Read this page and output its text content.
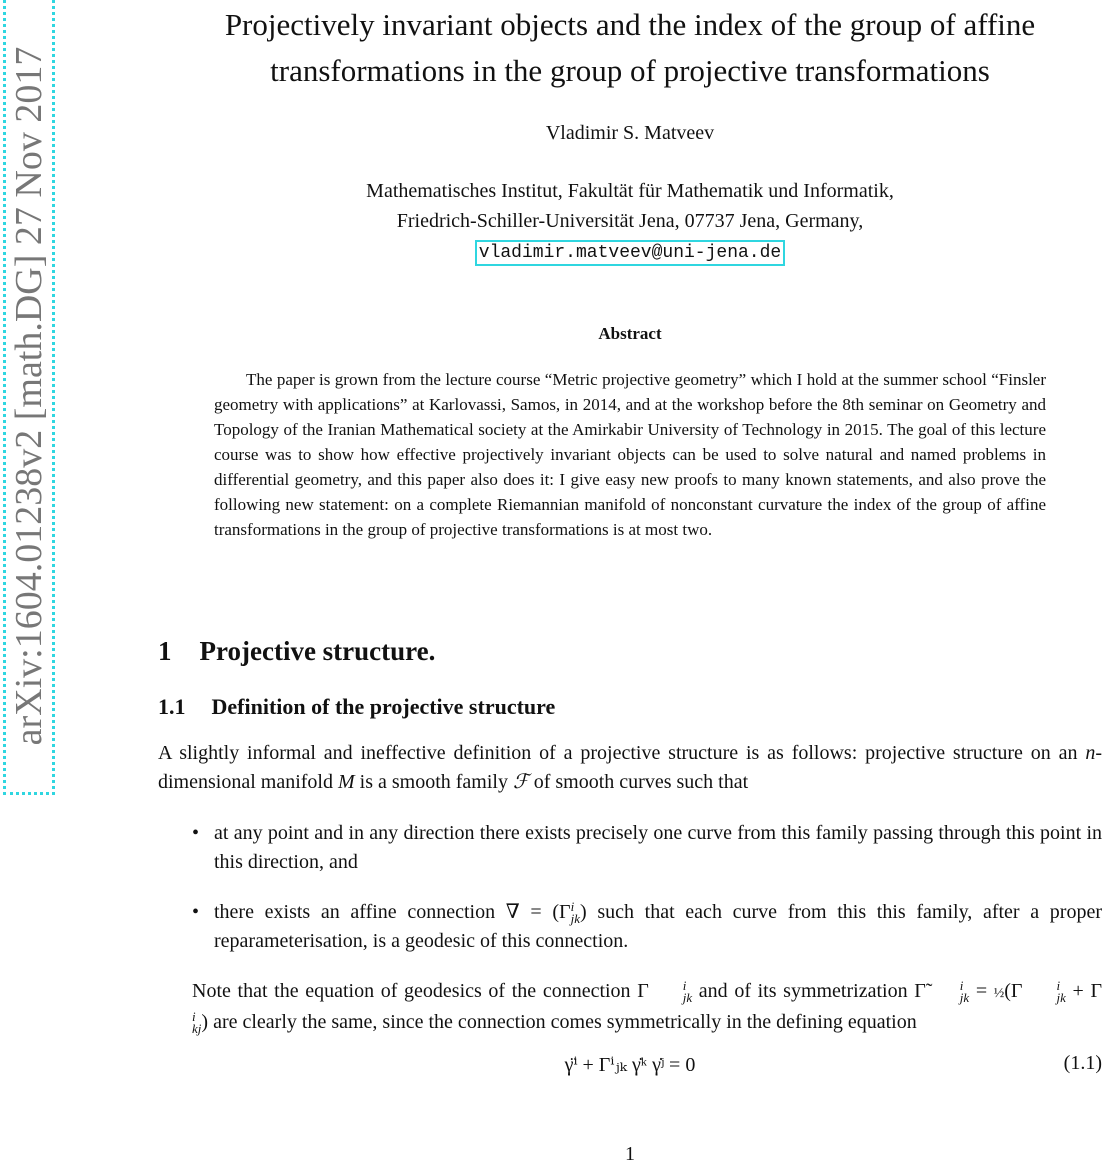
arXiv:1604.01238v2 [math.DG] 27 Nov 2017
Projectively invariant objects and the index of the group of affine
transformations in the group of projective transformations
Vladimir S. Matveev
Mathematisches Institut, Fakultät für Mathematik und Informatik,
Friedrich-Schiller-Universität Jena, 07737 Jena, Germany,
vladimir.matveev@uni-jena.de
Abstract
The paper is grown from the lecture course “Metric projective geometry” which I hold at the summer school “Finsler geometry with applications” at Karlovassi, Samos, in 2014, and at the workshop before the 8th seminar on Geometry and Topology of the Iranian Mathematical society at the Amirkabir University of Technology in 2015. The goal of this lecture course was to show how effective projectively invariant objects can be used to solve natural and named problems in differential geometry, and this paper also does it: I give easy new proofs to many known statements, and also prove the following new statement: on a complete Riemannian manifold of nonconstant curvature the index of the group of affine transformations in the group of projective transformations is at most two.
1 Projective structure.
1.1 Definition of the projective structure
A slightly informal and ineffective definition of a projective structure is as follows: projective structure on an n-dimensional manifold M is a smooth family ℱ of smooth curves such that
• at any point and in any direction there exists precisely one curve from this family passing through this point in this direction, and
• there exists an affine connection ∇ = (Γ i
jk ) such that each curve from this this family, after a proper reparameterisation, is a geodesic of this connection.
Note that the equation of geodesics of the connection Γ	i
jk and of its symmetrization Γ̃	i
jk = ½(Γ	i
jk + Γ
i
kj ) are clearly the same, since the connection comes symmetrically in the defining equation
γ̈ⁱ + Γⁱⱼₖ γ̇ᵏ γ̇ʲ = 0	(1.1)
1
